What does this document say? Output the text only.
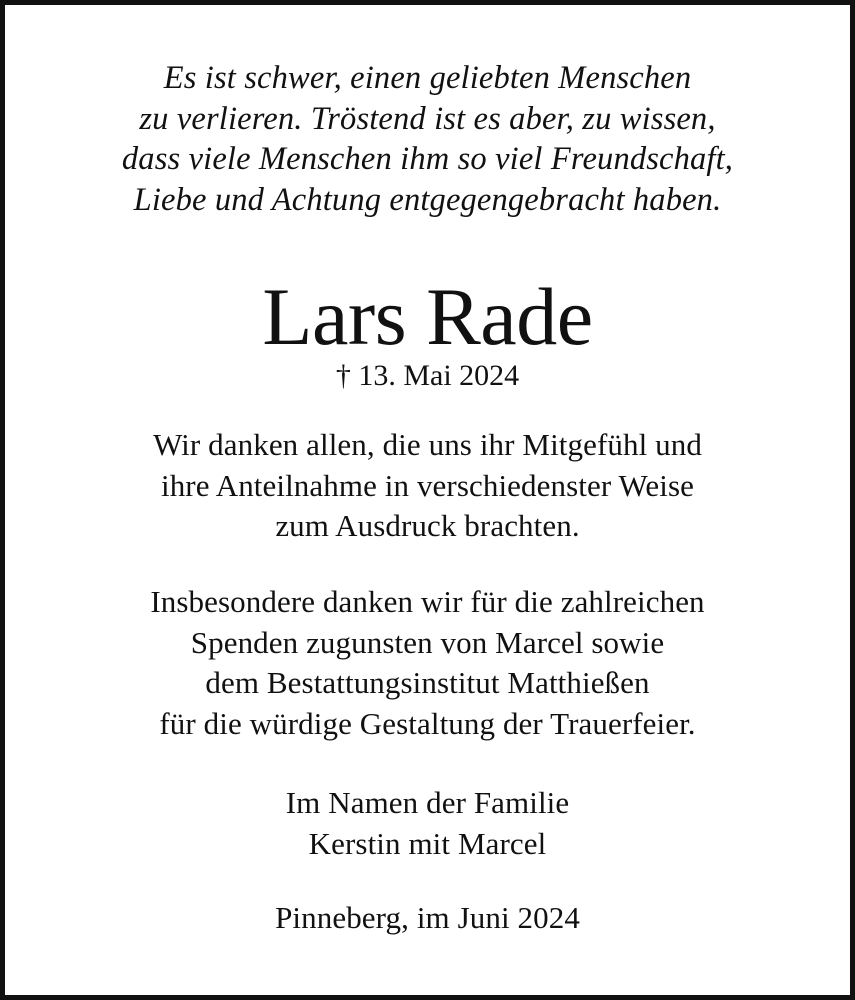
Es ist schwer, einen geliebten Menschen
zu verlieren. Tröstend ist es aber, zu wissen,
dass viele Menschen ihm so viel Freundschaft,
Liebe und Achtung entgegengebracht haben.
Lars Rade
† 13. Mai 2024
Wir danken allen, die uns ihr Mitgefühl und
ihre Anteilnahme in verschiedenster Weise
zum Ausdruck brachten.
Insbesondere danken wir für die zahlreichen
Spenden zugunsten von Marcel sowie
dem Bestattungsinstitut Matthießen
für die würdige Gestaltung der Trauerfeier.
Im Namen der Familie
Kerstin mit Marcel
Pinneberg, im Juni 2024
